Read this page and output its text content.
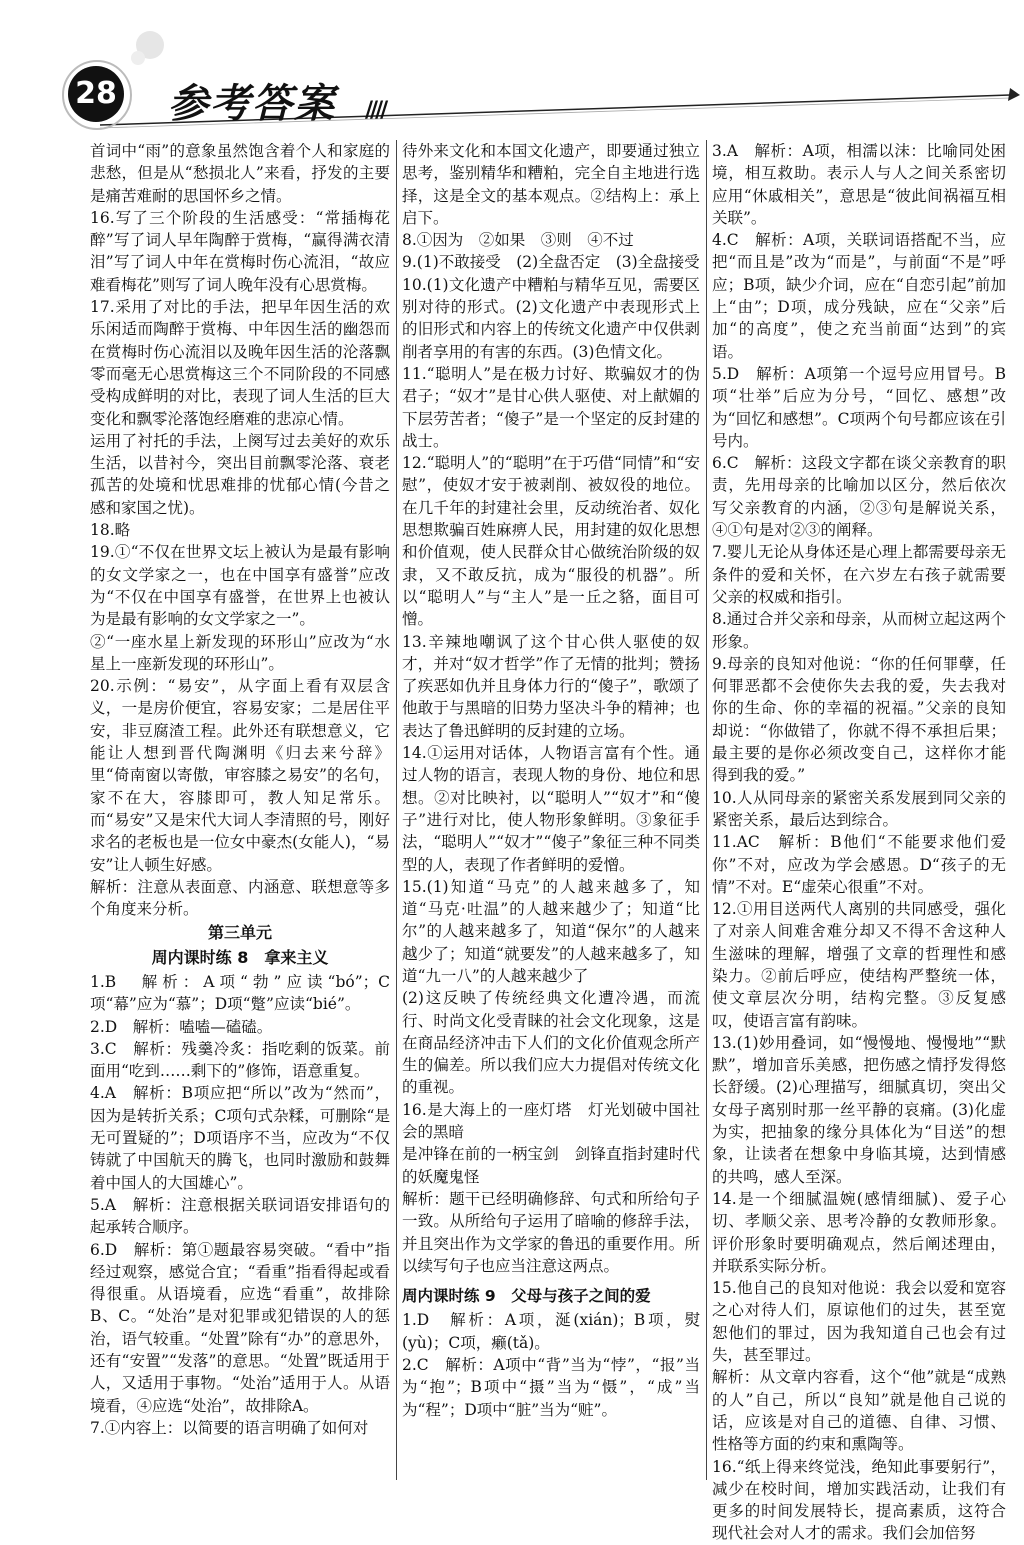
28 参考答案 ////

首词中“雨”的意象虽然饱含着个人和家庭的悲愁，但是从“愁损北人”来看，抒发的主要是痛苦难耐的思国怀乡之情。

16.写了三个阶段的生活感受：“常插梅花醉”写了词人早年陶醉于赏梅，“赢得满衣清泪”写了词人中年在赏梅时伤心流泪，“故应难看梅花”则写了词人晚年没有心思赏梅。

17.采用了对比的手法，把早年因生活的欢乐闲适而陶醉于赏梅、中年因生活的幽怨而在赏梅时伤心流泪以及晚年因生活的沦落飘零而毫无心思赏梅这三个不同阶段的不同感受构成鲜明的对比，表现了词人生活的巨大变化和飘零沦落饱经磨难的悲凉心情。

运用了衬托的手法，上阕写过去美好的欢乐生活，以昔衬今，突出目前飘零沦落、衰老孤苦的处境和忧思难排的忧郁心情(今昔之感和家国之忧)。

18.略

19.①“不仅在世界文坛上被认为是最有影响的女文学家之一，也在中国享有盛誉”应改为“不仅在中国享有盛誉，在世界上也被认为是最有影响的女文学家之一”。

②“一座水星上新发现的环形山”应改为“水星上一座新发现的环形山”。

20.示例：“易安”，从字面上看有双层含义，一是房价便宜，容易安家；二是居住平安，非豆腐渣工程。此外还有联想意义，它能让人想到晋代陶渊明《归去来兮辞》里“倚南窗以寄傲，审容膝之易安”的名句，家不在大，容膝即可，教人知足常乐。而“易安”又是宋代大词人李清照的号，刚好求名的老板也是一位女中豪杰(女能人)，“易安”让人顿生好感。

解析：注意从表面意、内涵意、联想意等多个角度来分析。

第三单元
周内课时练 8　拿来主义

1.B　解析：A项“勃”应读“bó”；C项“幕”应为“慕”；D项“蹩”应读“bié”。

2.D　解析：嗑嗑—磕磕。

3.C　解析：残羹冷炙：指吃剩的饭菜。前面用“吃到……剩下的”修饰，语意重复。

4.A　解析：B项应把“所以”改为“然而”，因为是转折关系；C项句式杂糅，可删除“是无可置疑的”；D项语序不当，应改为“不仅铸就了中国航天的腾飞，也同时激励和鼓舞着中国人的大国雄心”。

5.A　解析：注意根据关联词语安排语句的起承转合顺序。

6.D　解析：第①题最容易突破。“看中”指经过观察，感觉合宜；“看重”指看得起或看得很重。从语境看，应选“看重”，故排除B、C。“处治”是对犯罪或犯错误的人的惩治，语气较重。“处置”除有“办”的意思外，还有“安置”“发落”的意思。“处置”既适用于人，又适用于事物。“处治”适用于人。从语境看，④应选“处治”，故排除A。

7.①内容上：以简要的语言明确了如何对

待外来文化和本国文化遗产，即要通过独立思考，鉴别精华和糟粕，完全自主地进行选择，这是全文的基本观点。②结构上：承上启下。

8.①因为　②如果　③则　④不过

9.(1)不敢接受　(2)全盘否定　(3)全盘接受

10.(1)文化遗产中糟粕与精华互见，需要区别对待的形式。(2)文化遗产中表现形式上的旧形式和内容上的传统文化遗产中仅供剥削者享用的有害的东西。(3)色情文化。

11.“聪明人”是在极力讨好、欺骗奴才的伪君子；“奴才”是甘心供人驱使、对上献媚的下层劳苦者；“傻子”是一个坚定的反封建的战士。

12.“聪明人”的“聪明”在于巧借“同情”和“安慰”，使奴才安于被剥削、被奴役的地位。在几千年的封建社会里，反动统治者、奴化思想欺骗百姓麻痹人民，用封建的奴化思想和价值观，使人民群众甘心做统治阶级的奴隶，又不敢反抗，成为“服役的机器”。所以“聪明人”与“主人”是一丘之貉，面目可憎。

13.辛辣地嘲讽了这个甘心供人驱使的奴才，并对“奴才哲学”作了无情的批判；赞扬了疾恶如仇并且身体力行的“傻子”，歌颂了他敢于与黑暗的旧势力坚决斗争的精神；也表达了鲁迅鲜明的反封建的立场。

14.①运用对话体，人物语言富有个性。通过人物的语言，表现人物的身份、地位和思想。②对比映衬，以“聪明人”“奴才”和“傻子”进行对比，使人物形象鲜明。③象征手法，“聪明人”“奴才”“傻子”象征三种不同类型的人，表现了作者鲜明的爱憎。

15.(1)知道“马克”的人越来越多了，知道“马克·吐温”的人越来越少了；知道“比尔”的人越来越多了，知道“保尔”的人越来越少了；知道“就要发”的人越来越多了，知道“九一八”的人越来越少了

(2)这反映了传统经典文化遭冷遇，而流行、时尚文化受青睐的社会文化现象，这是在商品经济冲击下人们的文化价值观念所产生的偏差。所以我们应大力提倡对传统文化的重视。

16.是大海上的一座灯塔　灯光划破中国社会的黑暗

是冲锋在前的一柄宝剑　剑锋直指封建时代的妖魔鬼怪

解析：题干已经明确修辞、句式和所给句子一致。从所给句子运用了暗喻的修辞手法，并且突出作为文学家的鲁迅的重要作用。所以续写句子也应当注意这两点。

周内课时练 9　父母与孩子之间的爱

1.D　解析：A项，涎(xián)；B项，熨(yù)；C项，癞(tǎ)。

2.C　解析：A项中“背”当为“悖”，“报”当为“抱”；B项中“摄”当为“慑”，“成”当为“程”；D项中“脏”当为“赃”。

3.A　解析：A项，相濡以沫：比喻同处困境，相互救助。表示人与人之间关系密切应用“休戚相关”，意思是“彼此间祸福互相关联”。

4.C　解析：A项，关联词语搭配不当，应把“而且是”改为“而是”，与前面“不是”呼应；B项，缺少介词，应在“自恋引起”前加上“由”；D项，成分残缺，应在“父亲”后加“的高度”，使之充当前面“达到”的宾语。

5.D　解析：A项第一个逗号应用冒号。B项“壮举”后应为分号，“回忆、感想”改为“回忆和感想”。C项两个句号都应该在引号内。

6.C　解析：这段文字都在谈父亲教育的职责，先用母亲的比喻加以区分，然后依次写父亲教育的内涵，②③句是解说关系，④①句是对②③的阐释。

7.婴儿无论从身体还是心理上都需要母亲无条件的爱和关怀，在六岁左右孩子就需要父亲的权威和指引。

8.通过合并父亲和母亲，从而树立起这两个形象。

9.母亲的良知对他说：“你的任何罪孽，任何罪恶都不会使你失去我的爱，失去我对你的生命、你的幸福的祝福。”父亲的良知却说：“你做错了，你就不得不承担后果；最主要的是你必须改变自己，这样你才能得到我的爱。”

10.人从同母亲的紧密关系发展到同父亲的紧密关系，最后达到综合。

11.AC　解析：B他们“不能要求他们爱你”不对，应改为学会感恩。D“孩子的无情”不对。E“虚荣心很重”不对。

12.①用目送两代人离别的共同感受，强化了对亲人间难舍难分却又不得不舍这种人生滋味的理解，增强了文章的哲理性和感染力。②前后呼应，使结构严整统一体，使文章层次分明，结构完整。③反复感叹，使语言富有韵味。

13.(1)妙用叠词，如“慢慢地、慢慢地”“默默”，增加音乐美感，把伤感之情抒发得悠长舒缓。(2)心理描写，细腻真切，突出父女母子离别时那一丝平静的哀痛。(3)化虚为实，把抽象的缘分具体化为“目送”的想象，让读者在想象中身临其境，达到情感的共鸣，感人至深。

14.是一个细腻温婉(感情细腻)、爱子心切、孝顺父亲、思考冷静的女教师形象。评价形象时要明确观点，然后阐述理由，并联系实际分析。

15.他自己的良知对他说：我会以爱和宽容之心对待人们，原谅他们的过失，甚至宽恕他们的罪过，因为我知道自己也会有过失，甚至罪过。

解析：从文章内容看，这个“他”就是“成熟的人”自己，所以“良知”就是他自己说的话，应该是对自己的道德、自律、习惯、性格等方面的约束和熏陶等。

16.“纸上得来终觉浅，绝知此事要躬行”，减少在校时间，增加实践活动，让我们有更多的时间发展特长，提高素质，这符合现代社会对人才的需求。我们会加倍努
